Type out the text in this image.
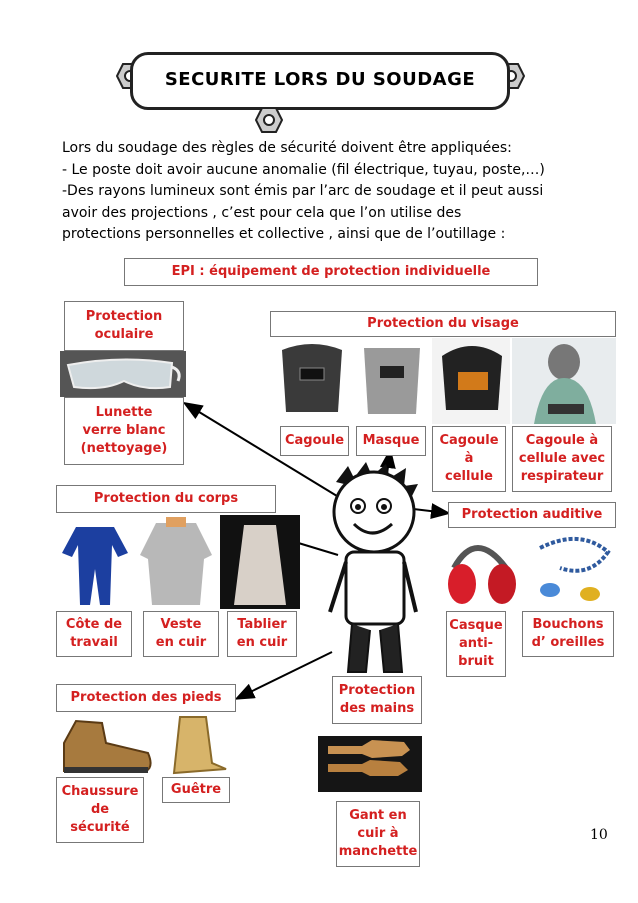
SECURITE LORS DU SOUDAGE
Lors du soudage des règles de sécurité doivent être appliquées:
- Le poste doit avoir aucune anomalie (fil électrique, tuyau, poste,…)
-Des rayons lumineux sont émis par l’arc de soudage et il peut aussi
avoir des projections , c’est pour cela que l’on utilise des
protections personnelles et collective , ainsi que de l’outillage :
EPI : équipement de protection individuelle
Protection
oculaire
Lunette
verre blanc
(nettoyage)
Protection du visage
Cagoule Masque Cagoule
à
cellule
Cagoule à
cellule avec
respirateur
Protection du corps
Côte de
travail
Veste
en cuir
Tablier
en cuir
Protection auditive
Casque
anti-
bruit
Bouchons
d’ oreilles
Protection des pieds
Chaussure
de
sécurité
Guêtre
Protection
des mains
Gant en
cuir à
manchette
10
